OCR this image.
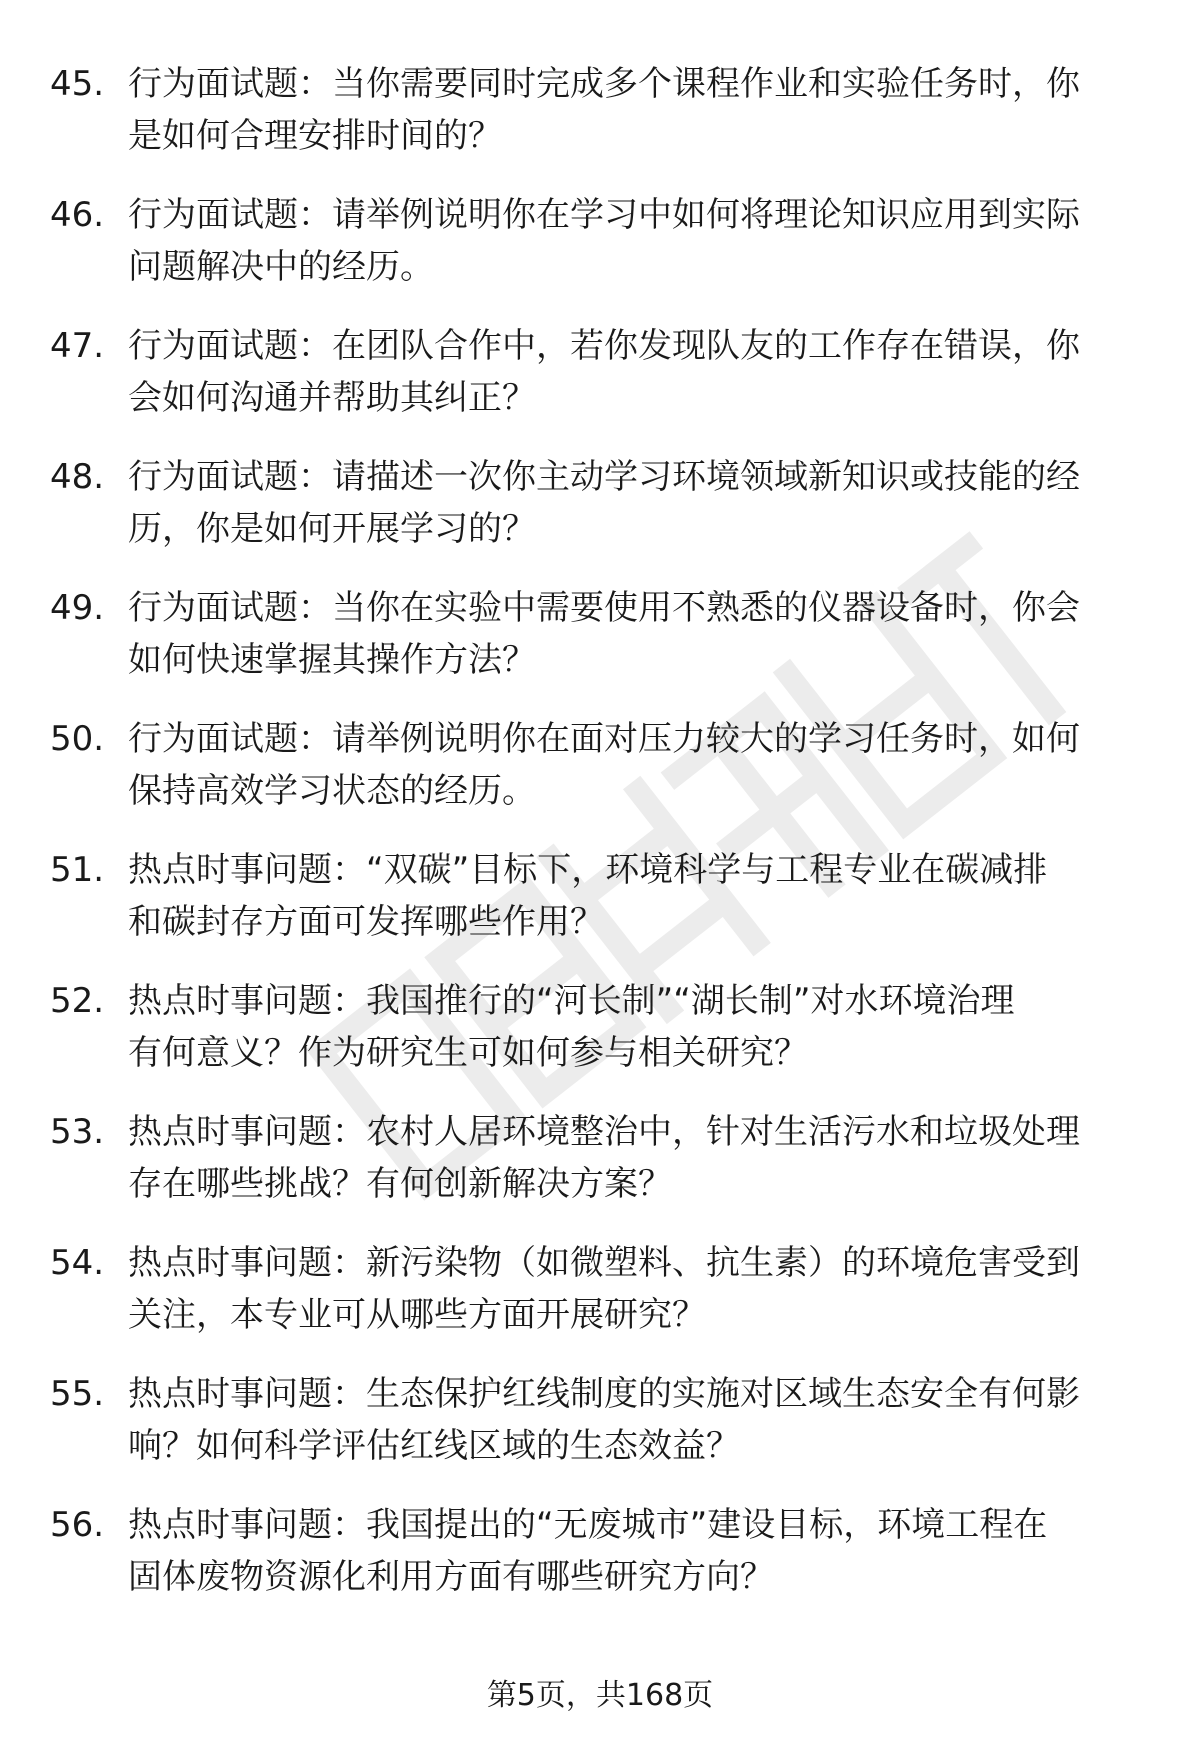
45. 行为面试题：当你需要同时完成多个课程作业和实验任务时，你
是如何合理安排时间的？
46. 行为面试题：请举例说明你在学习中如何将理论知识应用到实际
问题解决中的经历。
47. 行为面试题：在团队合作中，若你发现队友的工作存在错误，你
会如何沟通并帮助其纠正？
48. 行为面试题：请描述一次你主动学习环境领域新知识或技能的经
历，你是如何开展学习的？
49. 行为面试题：当你在实验中需要使用不熟悉的仪器设备时，你会
如何快速掌握其操作方法？
50. 行为面试题：请举例说明你在面对压力较大的学习任务时，如何
保持高效学习状态的经历。
51. 热点时事问题：“双碳”目标下，环境科学与工程专业在碳减排
和碳封存方面可发挥哪些作用？
52. 热点时事问题：我国推行的“河长制”“湖长制”对水环境治理
有何意义？作为研究生可如何参与相关研究？
53. 热点时事问题：农村人居环境整治中，针对生活污水和垃圾处理
存在哪些挑战？有何创新解决方案？
54. 热点时事问题：新污染物（如微塑料、抗生素）的环境危害受到
关注，本专业可从哪些方面开展研究？
55. 热点时事问题：生态保护红线制度的实施对区域生态安全有何影
响？如何科学评估红线区域的生态效益？
56. 热点时事问题：我国提出的“无废城市”建设目标，环境工程在
固体废物资源化利用方面有哪些研究方向？
第5页，共168页
